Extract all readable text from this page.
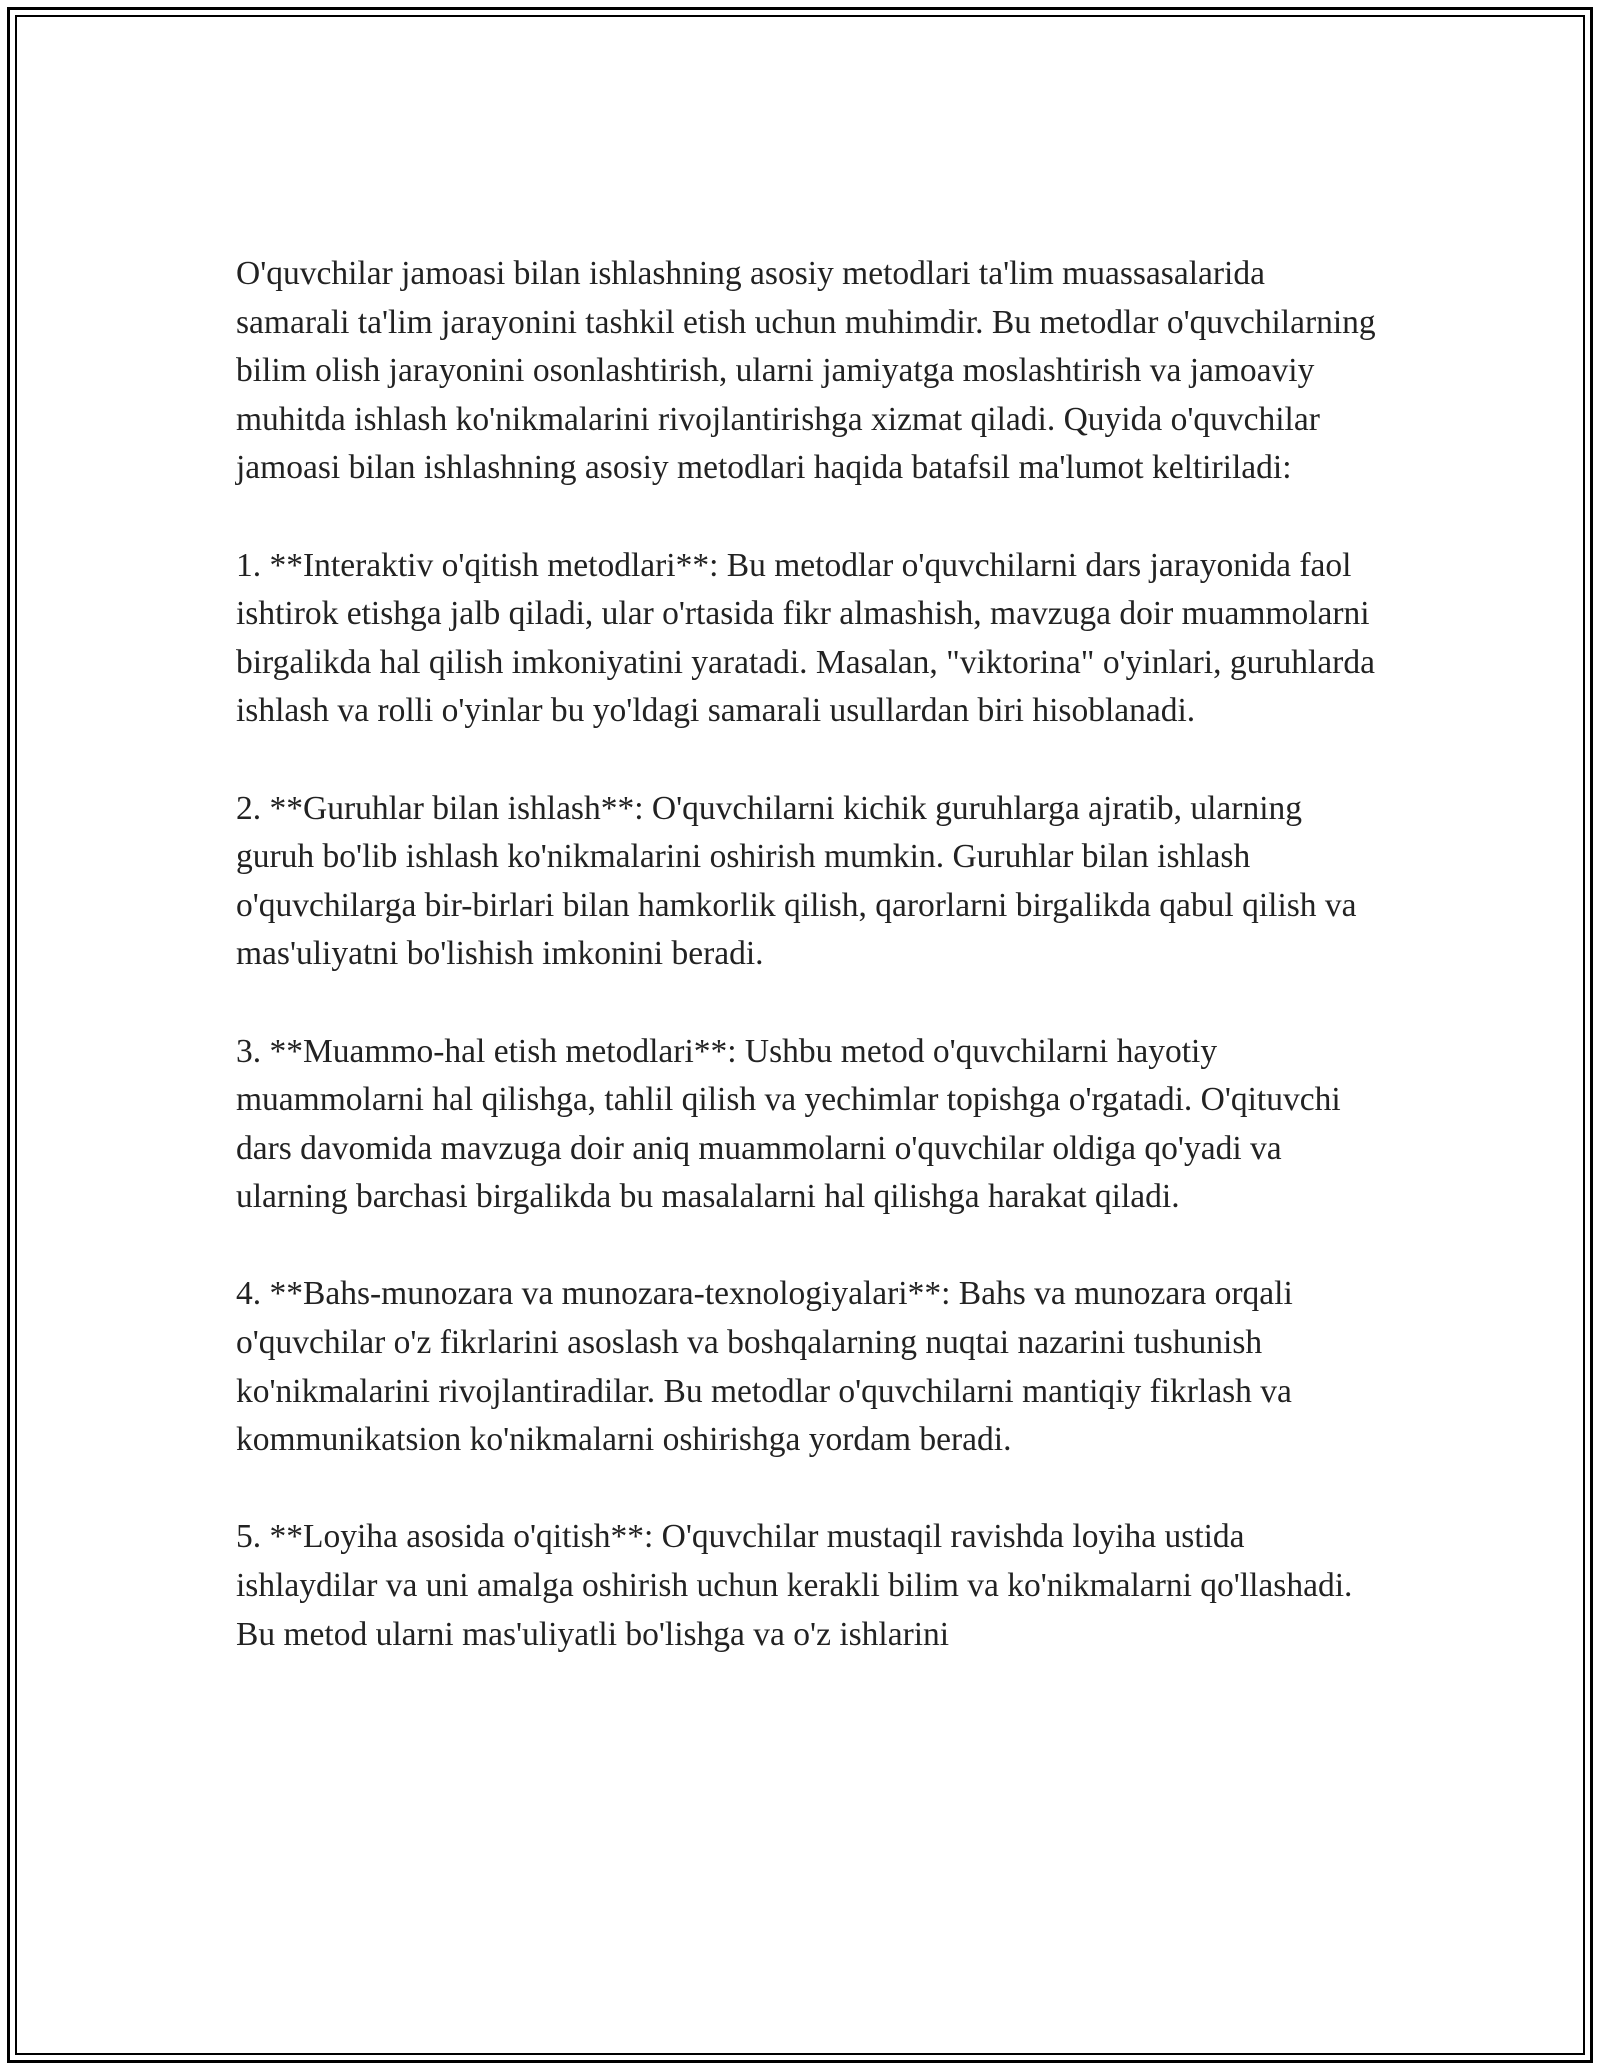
O'quvchilar jamoasi bilan ishlashning asosiy metodlari ta'lim muassasalarida samarali ta'lim jarayonini tashkil etish uchun muhimdir. Bu metodlar o'quvchilarning bilim olish jarayonini osonlashtirish, ularni jamiyatga moslashtirish va jamoaviy muhitda ishlash ko'nikmalarini rivojlantirishga xizmat qiladi. Quyida o'quvchilar jamoasi bilan ishlashning asosiy metodlari haqida batafsil ma'lumot keltiriladi:

1. **Interaktiv o'qitish metodlari**: Bu metodlar o'quvchilarni dars jarayonida faol ishtirok etishga jalb qiladi, ular o'rtasida fikr almashish, mavzuga doir muammolarni birgalikda hal qilish imkoniyatini yaratadi. Masalan, "viktorina" o'yinlari, guruhlarda ishlash va rolli o'yinlar bu yo'ldagi samarali usullardan biri hisoblanadi.

2. **Guruhlar bilan ishlash**: O'quvchilarni kichik guruhlarga ajratib, ularning guruh bo'lib ishlash ko'nikmalarini oshirish mumkin. Guruhlar bilan ishlash o'quvchilarga bir-birlari bilan hamkorlik qilish, qarorlarni birgalikda qabul qilish va mas'uliyatni bo'lishish imkonini beradi.

3. **Muammo-hal etish metodlari**: Ushbu metod o'quvchilarni hayotiy muammolarni hal qilishga, tahlil qilish va yechimlar topishga o'rgatadi. O'qituvchi dars davomida mavzuga doir aniq muammolarni o'quvchilar oldiga qo'yadi va ularning barchasi birgalikda bu masalalarni hal qilishga harakat qiladi.

4. **Bahs-munozara va munozara-texnologiyalari**: Bahs va munozara orqali o'quvchilar o'z fikrlarini asoslash va boshqalarning nuqtai nazarini tushunish ko'nikmalarini rivojlantiradilar. Bu metodlar o'quvchilarni mantiqiy fikrlash va kommunikatsion ko'nikmalarni oshirishga yordam beradi.

5. **Loyiha asosida o'qitish**: O'quvchilar mustaqil ravishda loyiha ustida ishlaydilar va uni amalga oshirish uchun kerakli bilim va ko'nikmalarni qo'llashadi. Bu metod ularni mas'uliyatli bo'lishga va o'z ishlarini
